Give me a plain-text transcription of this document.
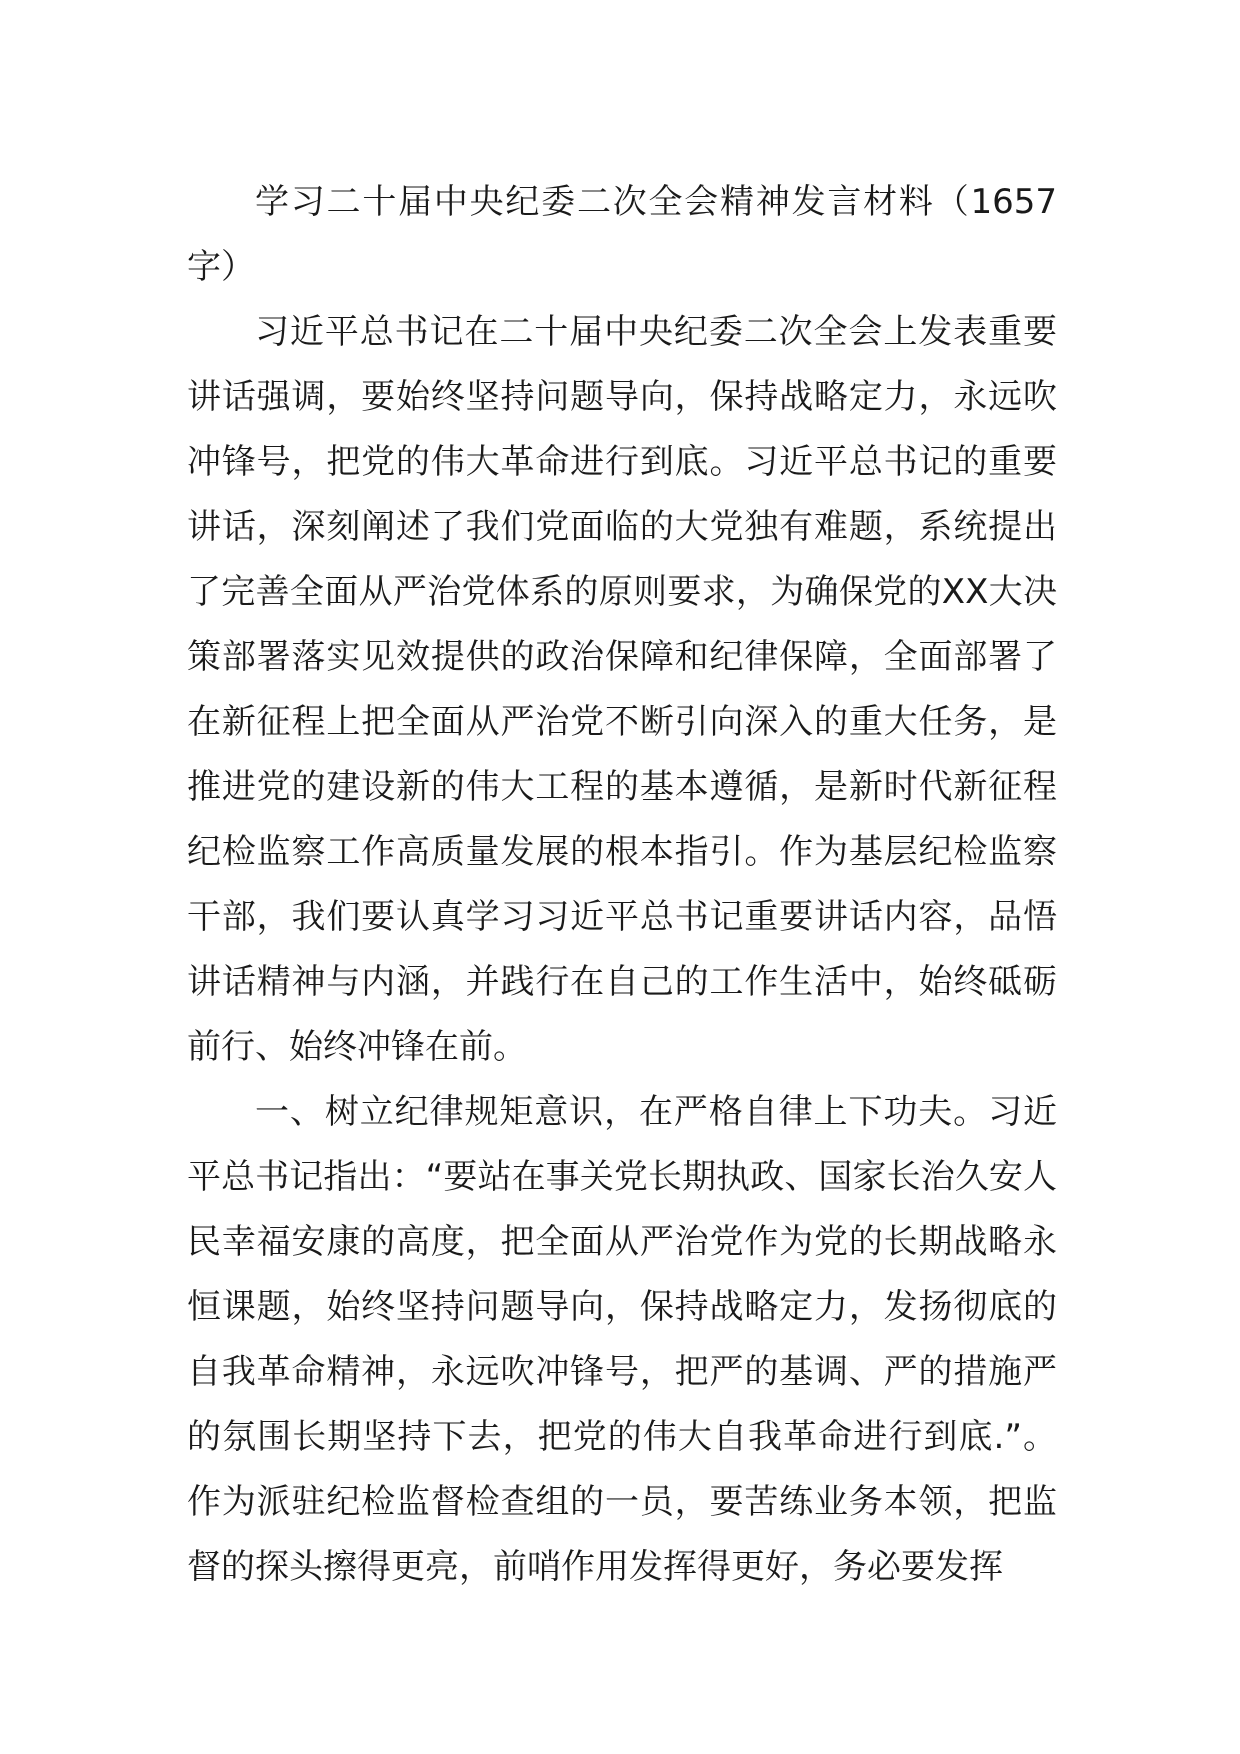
学习二十届中央纪委二次全会精神发言材料（1657字）

习近平总书记在二十届中央纪委二次全会上发表重要讲话强调，要始终坚持问题导向，保持战略定力，永远吹冲锋号，把党的伟大革命进行到底。习近平总书记的重要讲话，深刻阐述了我们党面临的大党独有难题，系统提出了完善全面从严治党体系的原则要求，为确保党的XX大决策部署落实见效提供的政治保障和纪律保障，全面部署了在新征程上把全面从严治党不断引向深入的重大任务，是推进党的建设新的伟大工程的基本遵循，是新时代新征程纪检监察工作高质量发展的根本指引。作为基层纪检监察干部，我们要认真学习习近平总书记重要讲话内容，品悟讲话精神与内涵，并践行在自己的工作生活中，始终砥砺前行、始终冲锋在前。

一、树立纪律规矩意识，在严格自律上下功夫。习近平总书记指出：“要站在事关党长期执政、国家长治久安人民幸福安康的高度，把全面从严治党作为党的长期战略永恒课题，始终坚持问题导向，保持战略定力，发扬彻底的自我革命精神，永远吹冲锋号，把严的基调、严的措施严的氛围长期坚持下去，把党的伟大自我革命进行到底.”。作为派驻纪检监督检查组的一员，要苦练业务本领，把监督的探头擦得更亮，前哨作用发挥得更好，务必要发挥
